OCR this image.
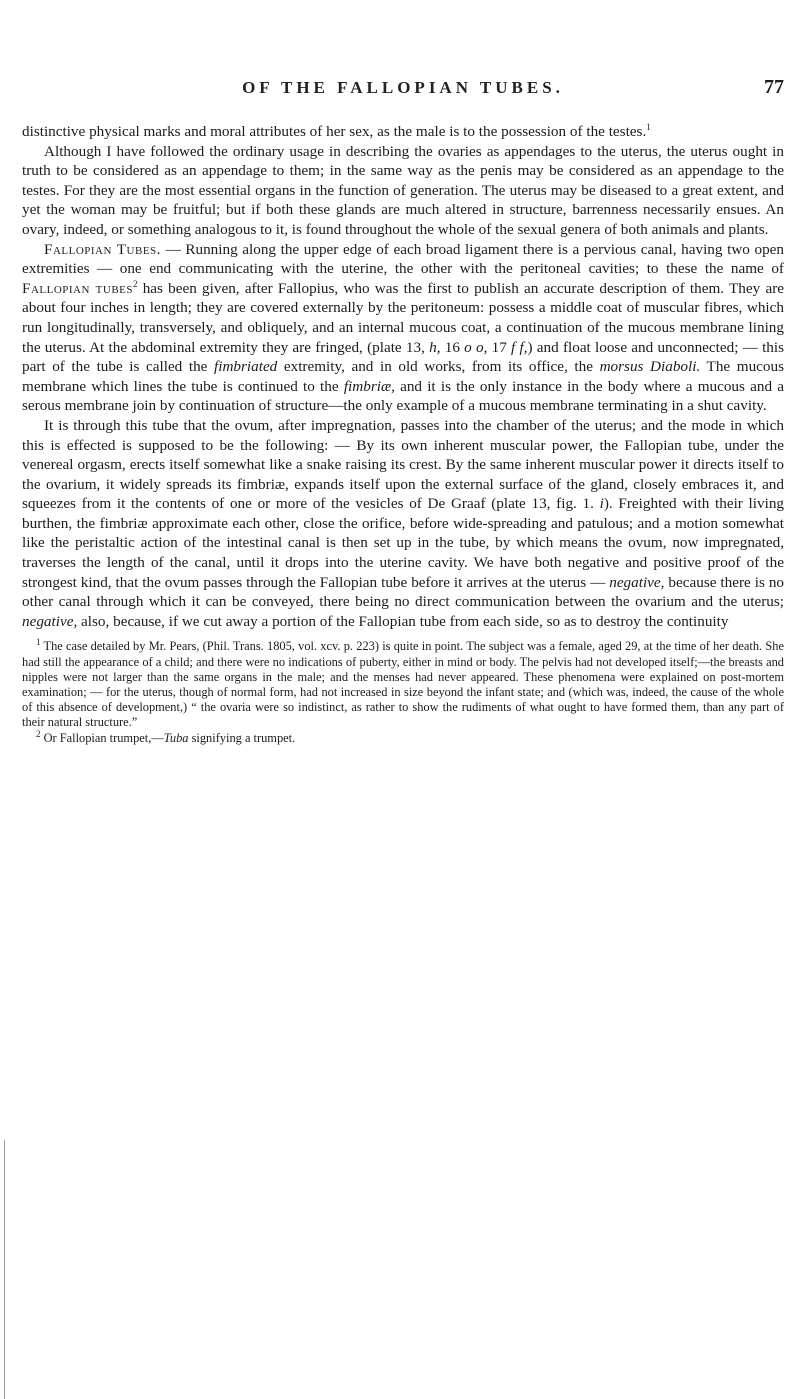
OF THE FALLOPIAN TUBES.	77

distinctive physical marks and moral attributes of her sex, as the male is to the possession of the testes.$^1$

Although I have followed the ordinary usage in describing the ovaries as appendages to the uterus, the uterus ought in truth to be considered as an appendage to them; in the same way as the penis may be considered as an appendage to the testes. For they are the most essential organs in the function of generation. The uterus may be diseased to a great extent, and yet the woman may be fruitful; but if both these glands are much altered in structure, barrenness necessarily ensues. An ovary, indeed, or something analogous to it, is found throughout the whole of the sexual genera of both animals and plants.

Fallopian Tubes. — Running along the upper edge of each broad ligament there is a pervious canal, having two open extremities — one end communicating with the uterine, the other with the peritoneal cavities; to these the name of Fallopian tubes$^2$ has been given, after Fallopius, who was the first to publish an accurate description of them. They are about four inches in length; they are covered externally by the peritoneum: possess a middle coat of muscular fibres, which run longitudinally, transversely, and obliquely, and an internal mucous coat, a continuation of the mucous membrane lining the uterus. At the abdominal extremity they are fringed, (plate 13, h, 16 o o, 17 f f,) and float loose and unconnected; — this part of the tube is called the fimbriated extremity, and in old works, from its office, the morsus Diaboli. The mucous membrane which lines the tube is continued to the fimbriæ, and it is the only instance in the body where a mucous and a serous membrane join by continuation of structure—the only example of a mucous membrane terminating in a shut cavity.

It is through this tube that the ovum, after impregnation, passes into the chamber of the uterus; and the mode in which this is effected is supposed to be the following: — By its own inherent muscular power, the Fallopian tube, under the venereal orgasm, erects itself somewhat like a snake raising its crest. By the same inherent muscular power it directs itself to the ovarium, it widely spreads its fimbriæ, expands itself upon the external surface of the gland, closely embraces it, and squeezes from it the contents of one or more of the vesicles of De Graaf (plate 13, fig. 1. i). Freighted with their living burthen, the fimbriæ approximate each other, close the orifice, before wide-spreading and patulous; and a motion somewhat like the peristaltic action of the intestinal canal is then set up in the tube, by which means the ovum, now impregnated, traverses the length of the canal, until it drops into the uterine cavity. We have both negative and positive proof of the strongest kind, that the ovum passes through the Fallopian tube before it arrives at the uterus — negative, because there is no other canal through which it can be conveyed, there being no direct communication between the ovarium and the uterus; negative, also, because, if we cut away a portion of the Fallopian tube from each side, so as to destroy the continuity

$^1$ The case detailed by Mr. Pears, (Phil. Trans. 1805, vol. xcv. p. 223) is quite in point. The subject was a female, aged 29, at the time of her death. She had still the appearance of a child; and there were no indications of puberty, either in mind or body. The pelvis had not developed itself;—the breasts and nipples were not larger than the same organs in the male; and the menses had never appeared. These phenomena were explained on post-mortem examination; — for the uterus, though of normal form, had not increased in size beyond the infant state; and (which was, indeed, the cause of the whole of this absence of development,) “ the ovaria were so indistinct, as rather to show the rudiments of what ought to have formed them, than any part of their natural structure.”

$^2$ Or Fallopian trumpet,—Tuba signifying a trumpet.
